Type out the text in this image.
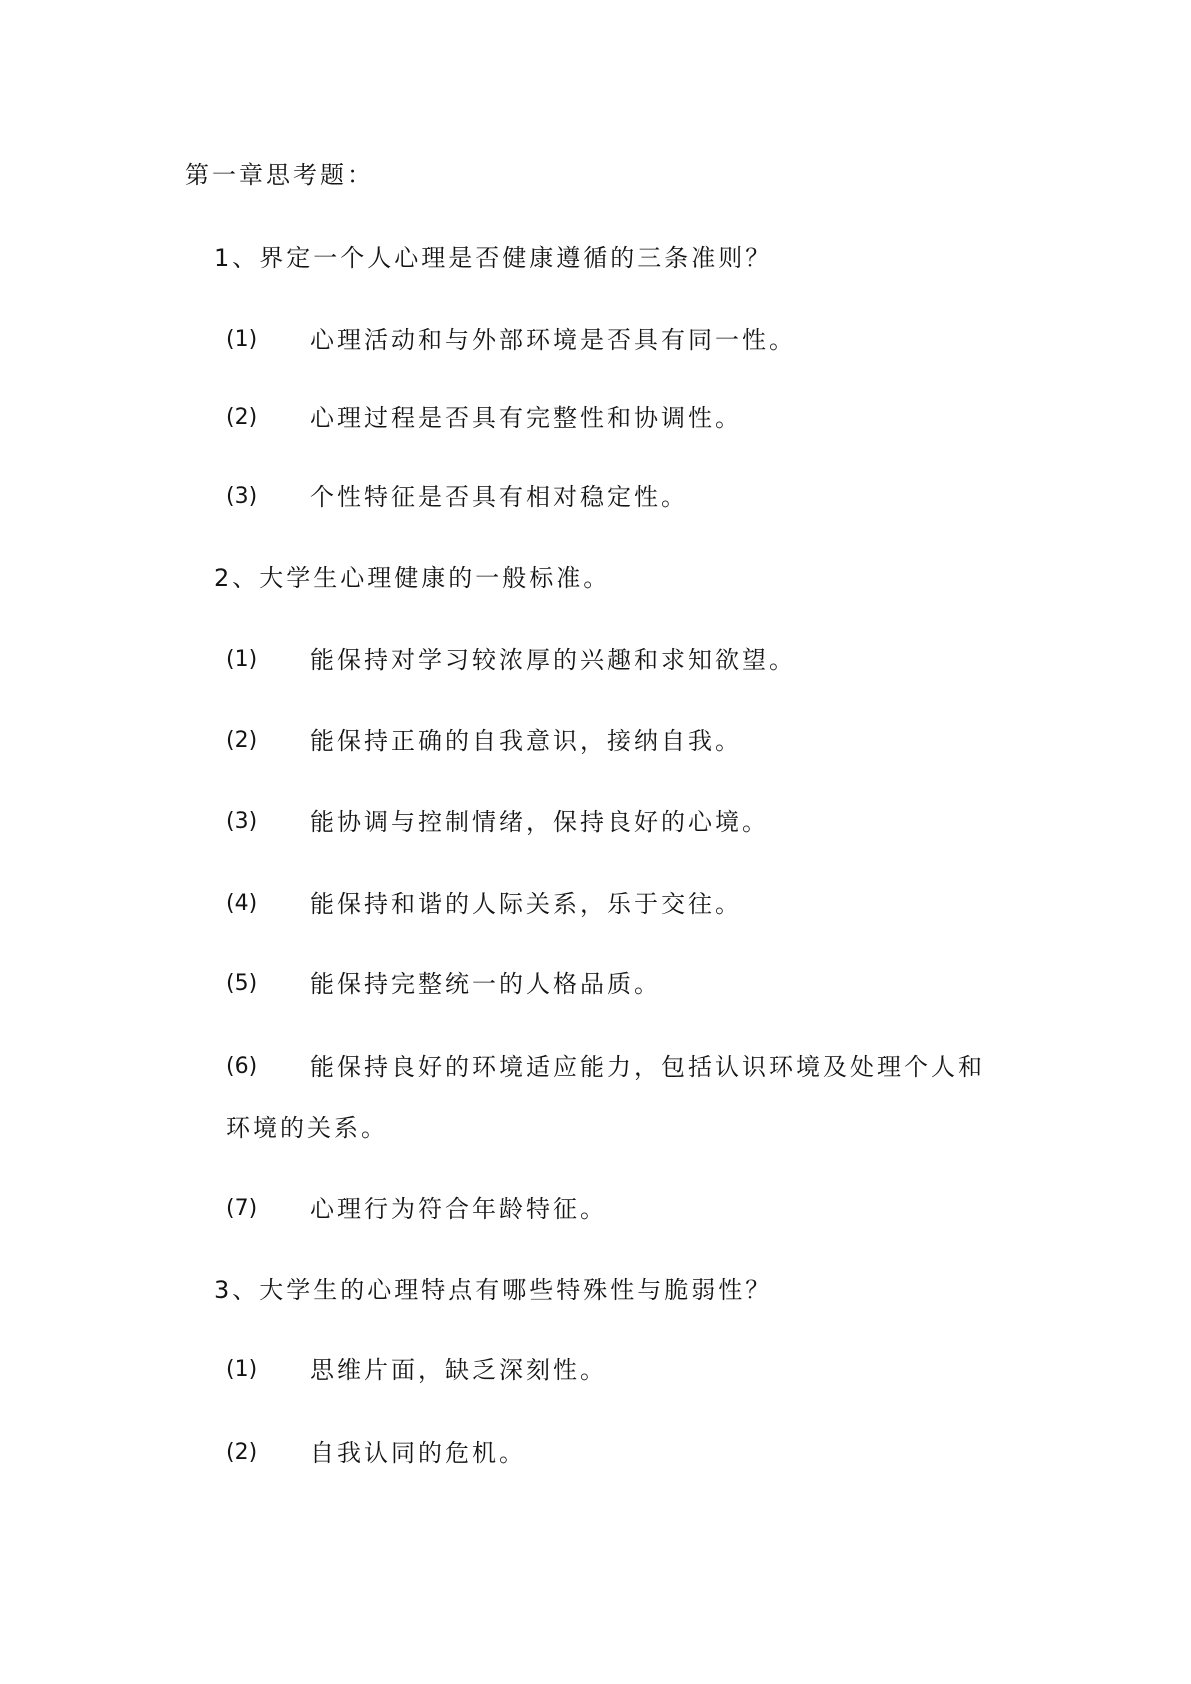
第一章思考题：
1、界定一个人心理是否健康遵循的三条准则？
(1) 心理活动和与外部环境是否具有同一性。
(2) 心理过程是否具有完整性和协调性。
(3) 个性特征是否具有相对稳定性。
2、大学生心理健康的一般标准。
(1) 能保持对学习较浓厚的兴趣和求知欲望。
(2) 能保持正确的自我意识，接纳自我。
(3) 能协调与控制情绪，保持良好的心境。
(4) 能保持和谐的人际关系，乐于交往。
(5) 能保持完整统一的人格品质。
(6) 能保持良好的环境适应能力，包括认识环境及处理个人和
环境的关系。
(7) 心理行为符合年龄特征。
3、大学生的心理特点有哪些特殊性与脆弱性？
(1) 思维片面，缺乏深刻性。
(2) 自我认同的危机。
